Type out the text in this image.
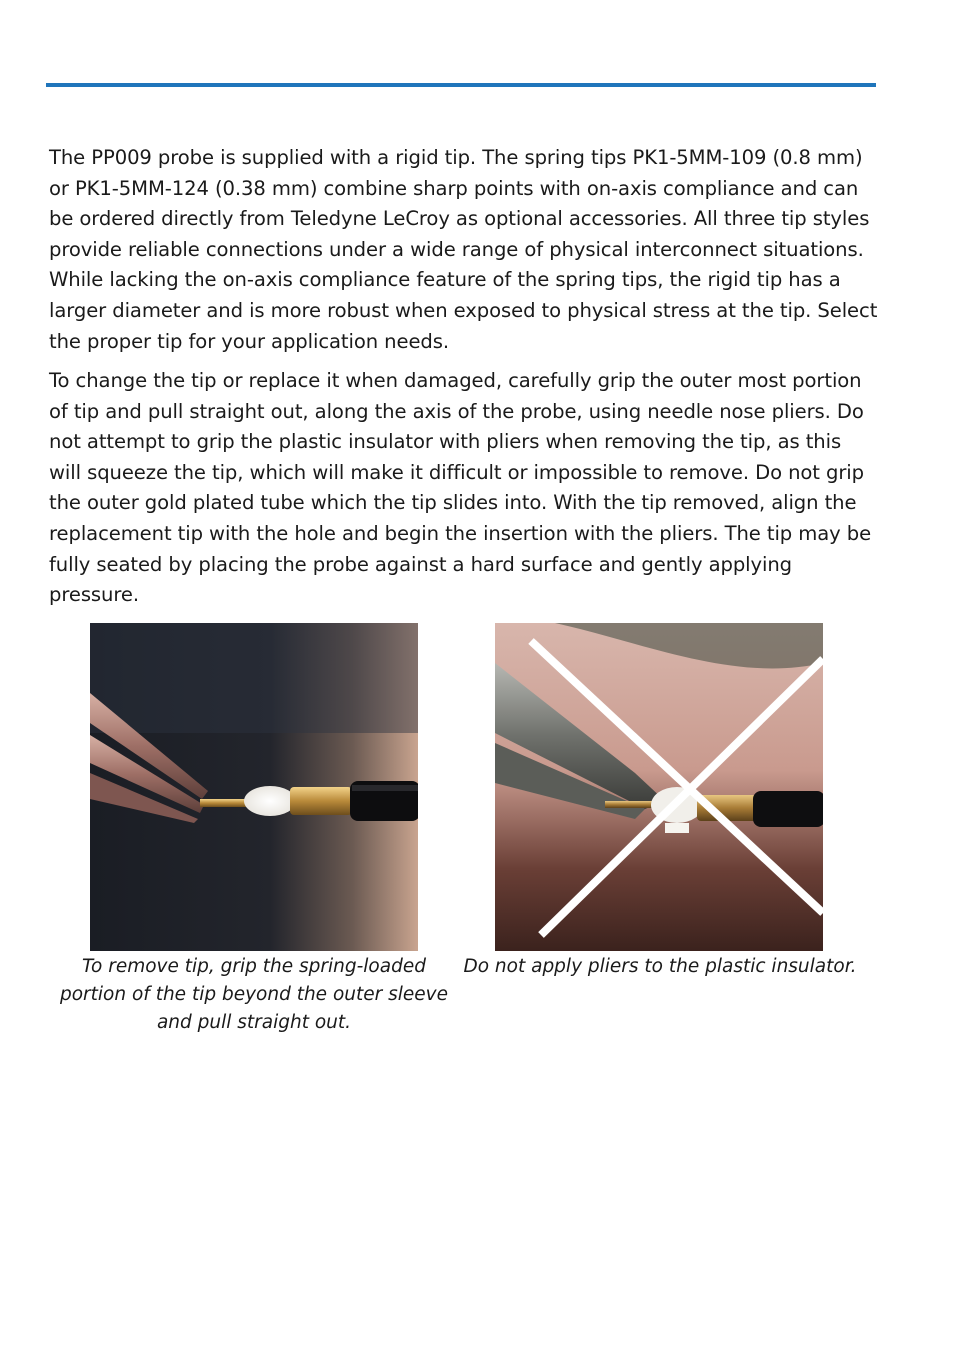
The PP009 probe is supplied with a rigid tip. The spring tips PK1-5MM-109 (0.8 mm) or PK1-5MM-124 (0.38 mm) combine sharp points with on-axis compliance and can be ordered directly from Teledyne LeCroy as optional accessories. All three tip styles provide reliable connections under a wide range of physical interconnect situations. While lacking the on-axis compliance feature of the spring tips, the rigid tip has a larger diameter and is more robust when exposed to physical stress at the tip. Select the proper tip for your application needs.

To change the tip or replace it when damaged, carefully grip the outer most portion of tip and pull straight out, along the axis of the probe, using needle nose pliers. Do not attempt to grip the plastic insulator with pliers when removing the tip, as this will squeeze the tip, which will make it difficult or impossible to remove. Do not grip the outer gold plated tube which the tip slides into. With the tip removed, align the replacement tip with the hole and begin the insertion with the pliers. The tip may be fully seated by placing the probe against a hard surface and gently applying pressure.

To remove tip, grip the spring-loaded portion of the tip beyond the outer sleeve and pull straight out.

Do not apply pliers to the plastic insulator.
